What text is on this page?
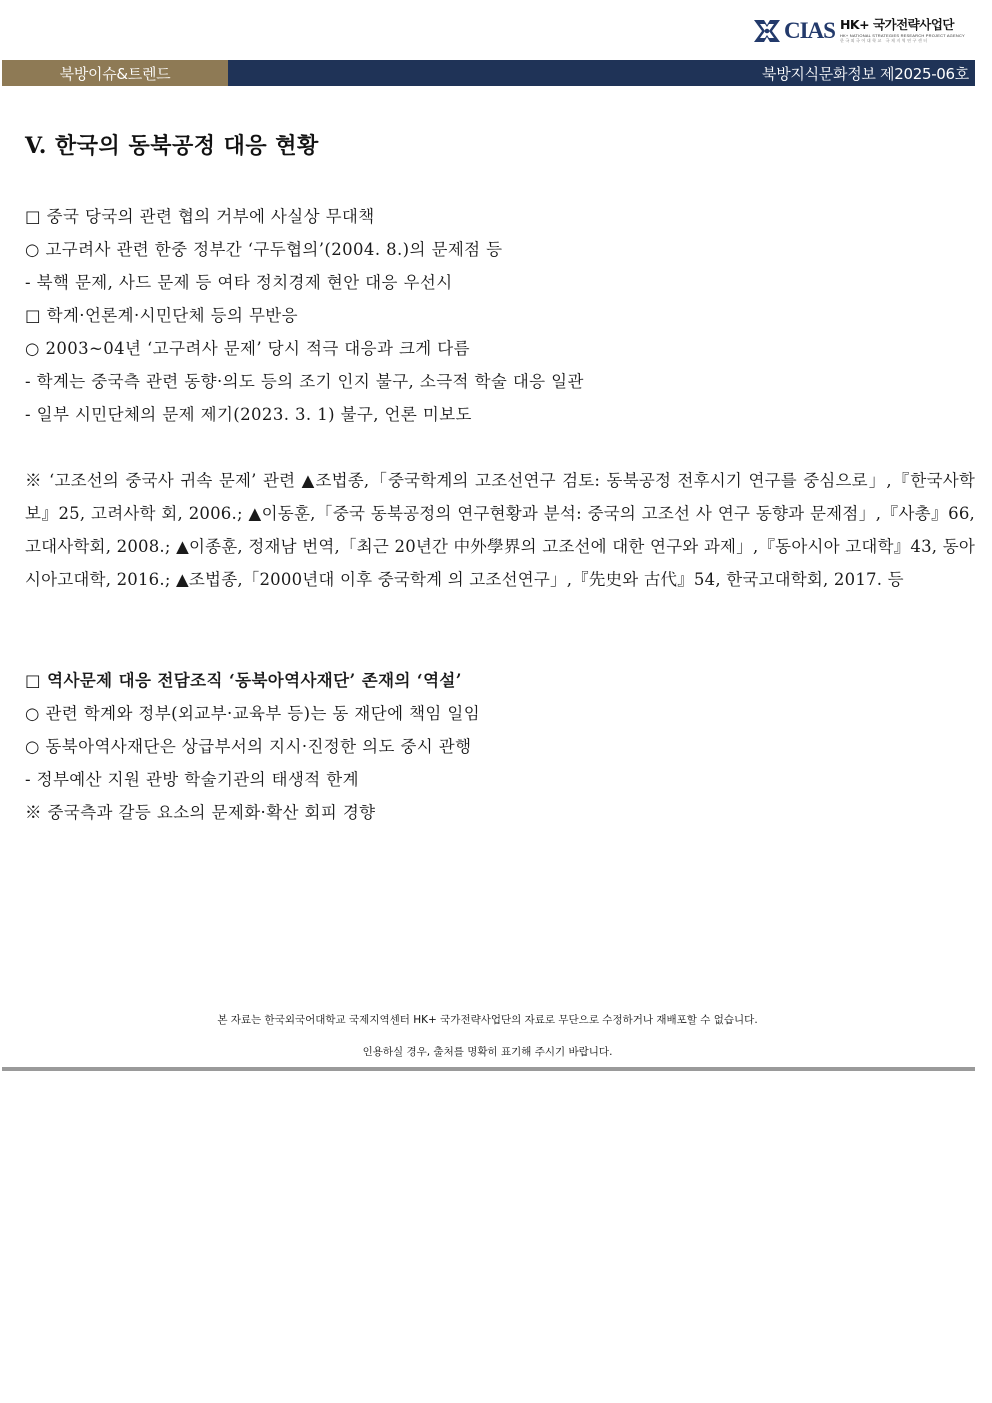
CIAS HK+ 국가전략사업단
HK+ NATIONAL STRATEGIES RESEARCH PROJECT AGENCY
한국외국어대학교 국제지역연구센터
북방이슈&트렌드	북방지식문화정보 제2025-06호
V. 한국의 동북공정 대응 현황
□ 중국 당국의 관련 협의 거부에 사실상 무대책
○ 고구려사 관련 한중 정부간 ‘구두협의’(2004. 8.)의 문제점 등
- 북핵 문제, 사드 문제 등 여타 정치경제 현안 대응 우선시
□ 학계·언론계·시민단체 등의 무반응
○ 2003~04년 ‘고구려사 문제’ 당시 적극 대응과 크게 다름
- 학계는 중국측 관련 동향·의도 등의 조기 인지 불구, 소극적 학술 대응 일관
- 일부 시민단체의 문제 제기(2023. 3. 1) 불구, 언론 미보도
※ ‘고조선의 중국사 귀속 문제’ 관련 ▲조법종,「중국학계의 고조선연구 검토: 동북공정 전후시기 연구를 중심으로」,『한국사학보』25, 고려사학 회, 2006.; ▲이동훈,「중국 동북공정의 연구현황과 분석: 중국의 고조선 사 연구 동향과 문제점」,『사총』66, 고대사학회, 2008.; ▲이종훈, 정재남 번역,「최근 20년간 中外學界의 고조선에 대한 연구와 과제」,『동아시아 고대학』43, 동아시아고대학, 2016.; ▲조법종,「2000년대 이후 중국학계 의 고조선연구」,『先史와 古代』54, 한국고대학회, 2017. 등
□ 역사문제 대응 전담조직 ‘동북아역사재단’ 존재의 ‘역설’
○ 관련 학계와 정부(외교부·교육부 등)는 동 재단에 책임 일임
○ 동북아역사재단은 상급부서의 지시·진정한 의도 중시 관행
- 정부예산 지원 관방 학술기관의 태생적 한계
※ 중국측과 갈등 요소의 문제화·확산 회피 경향
본 자료는 한국외국어대학교 국제지역센터 HK+ 국가전략사업단의 자료로 무단으로 수정하거나 재배포할 수 없습니다.
인용하실 경우, 출처를 명확히 표기해 주시기 바랍니다.
